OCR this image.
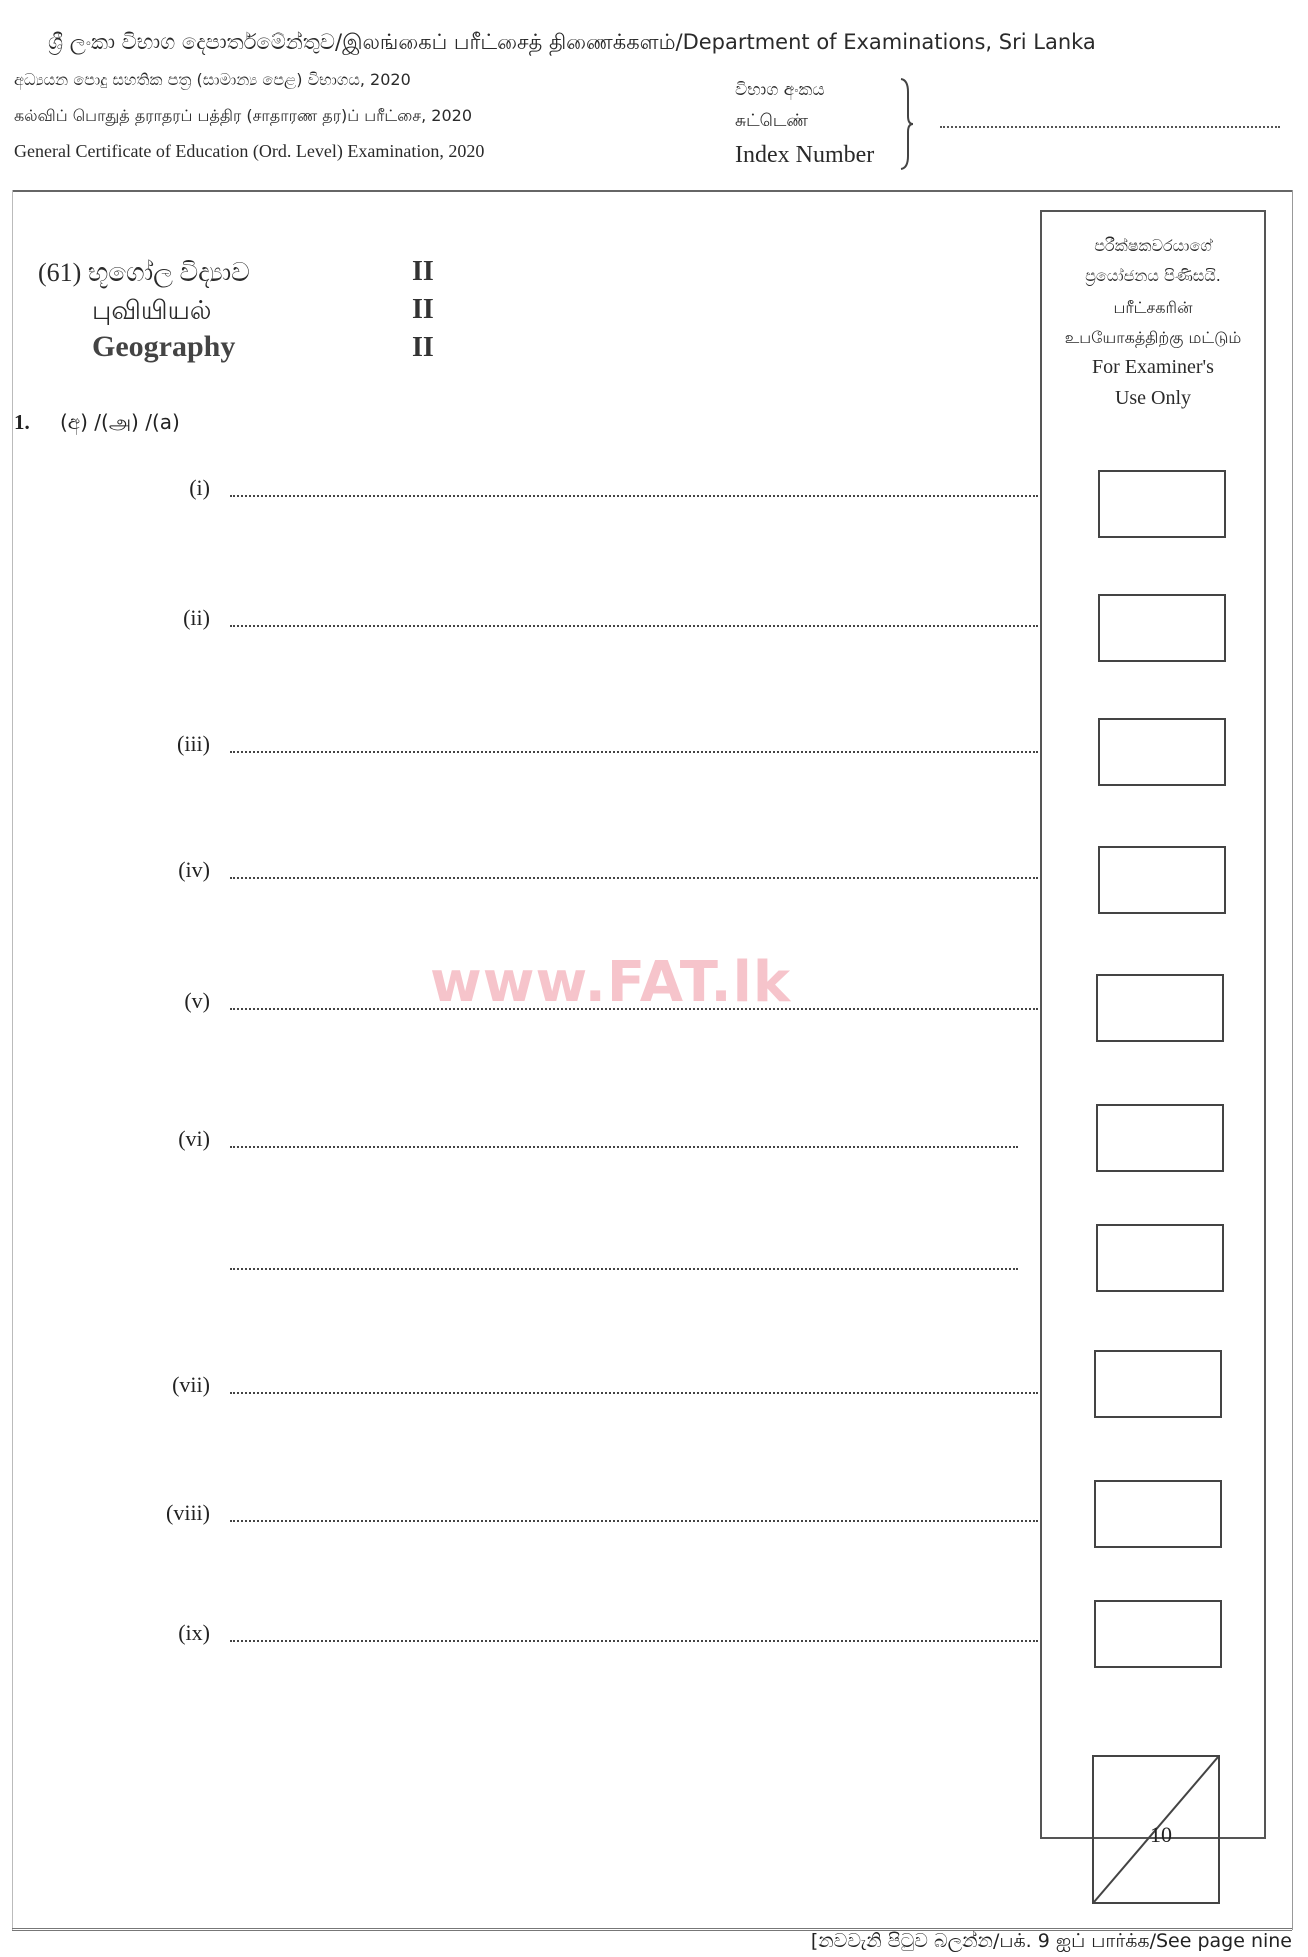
ශ්‍රී ලංකා විභාග දෙපාර්තමේන්තුව/இலங்கைப் பரீட்சைத் திணைக்களம்/Department of Examinations, Sri Lanka
අධ්‍යයන පොදු සහතික පත්‍ර (සාමාන්‍ය පෙළ) විභාගය, 2020
கல்விப் பொதுத் தராதரப் பத்திர (சாதாரண தர)ப் பரீட்சை, 2020
General Certificate of Education (Ord. Level) Examination, 2020
විභාග අංකය
சுட்டெண்
Index Number
(61) භූගෝල විද්‍යාව
புவியியல்
Geography
II
II
II
1. (අ) /(அ) /(a)
පරීක්ෂකවරයාගේ
ප්‍රයෝජනය පිණිසයි.
பரீட்சகரின்
உபயோகத்திற்கு மட்டும்
For Examiner's
Use Only
(i)
(ii)
(iii)
(iv)
(v)
(vi)
(vii)
(viii)
(ix)
10
www.FAT.lk
[නවවැනි පිටුව බලන්න/பக். 9 ஐப் பார்க்க/See page nine
